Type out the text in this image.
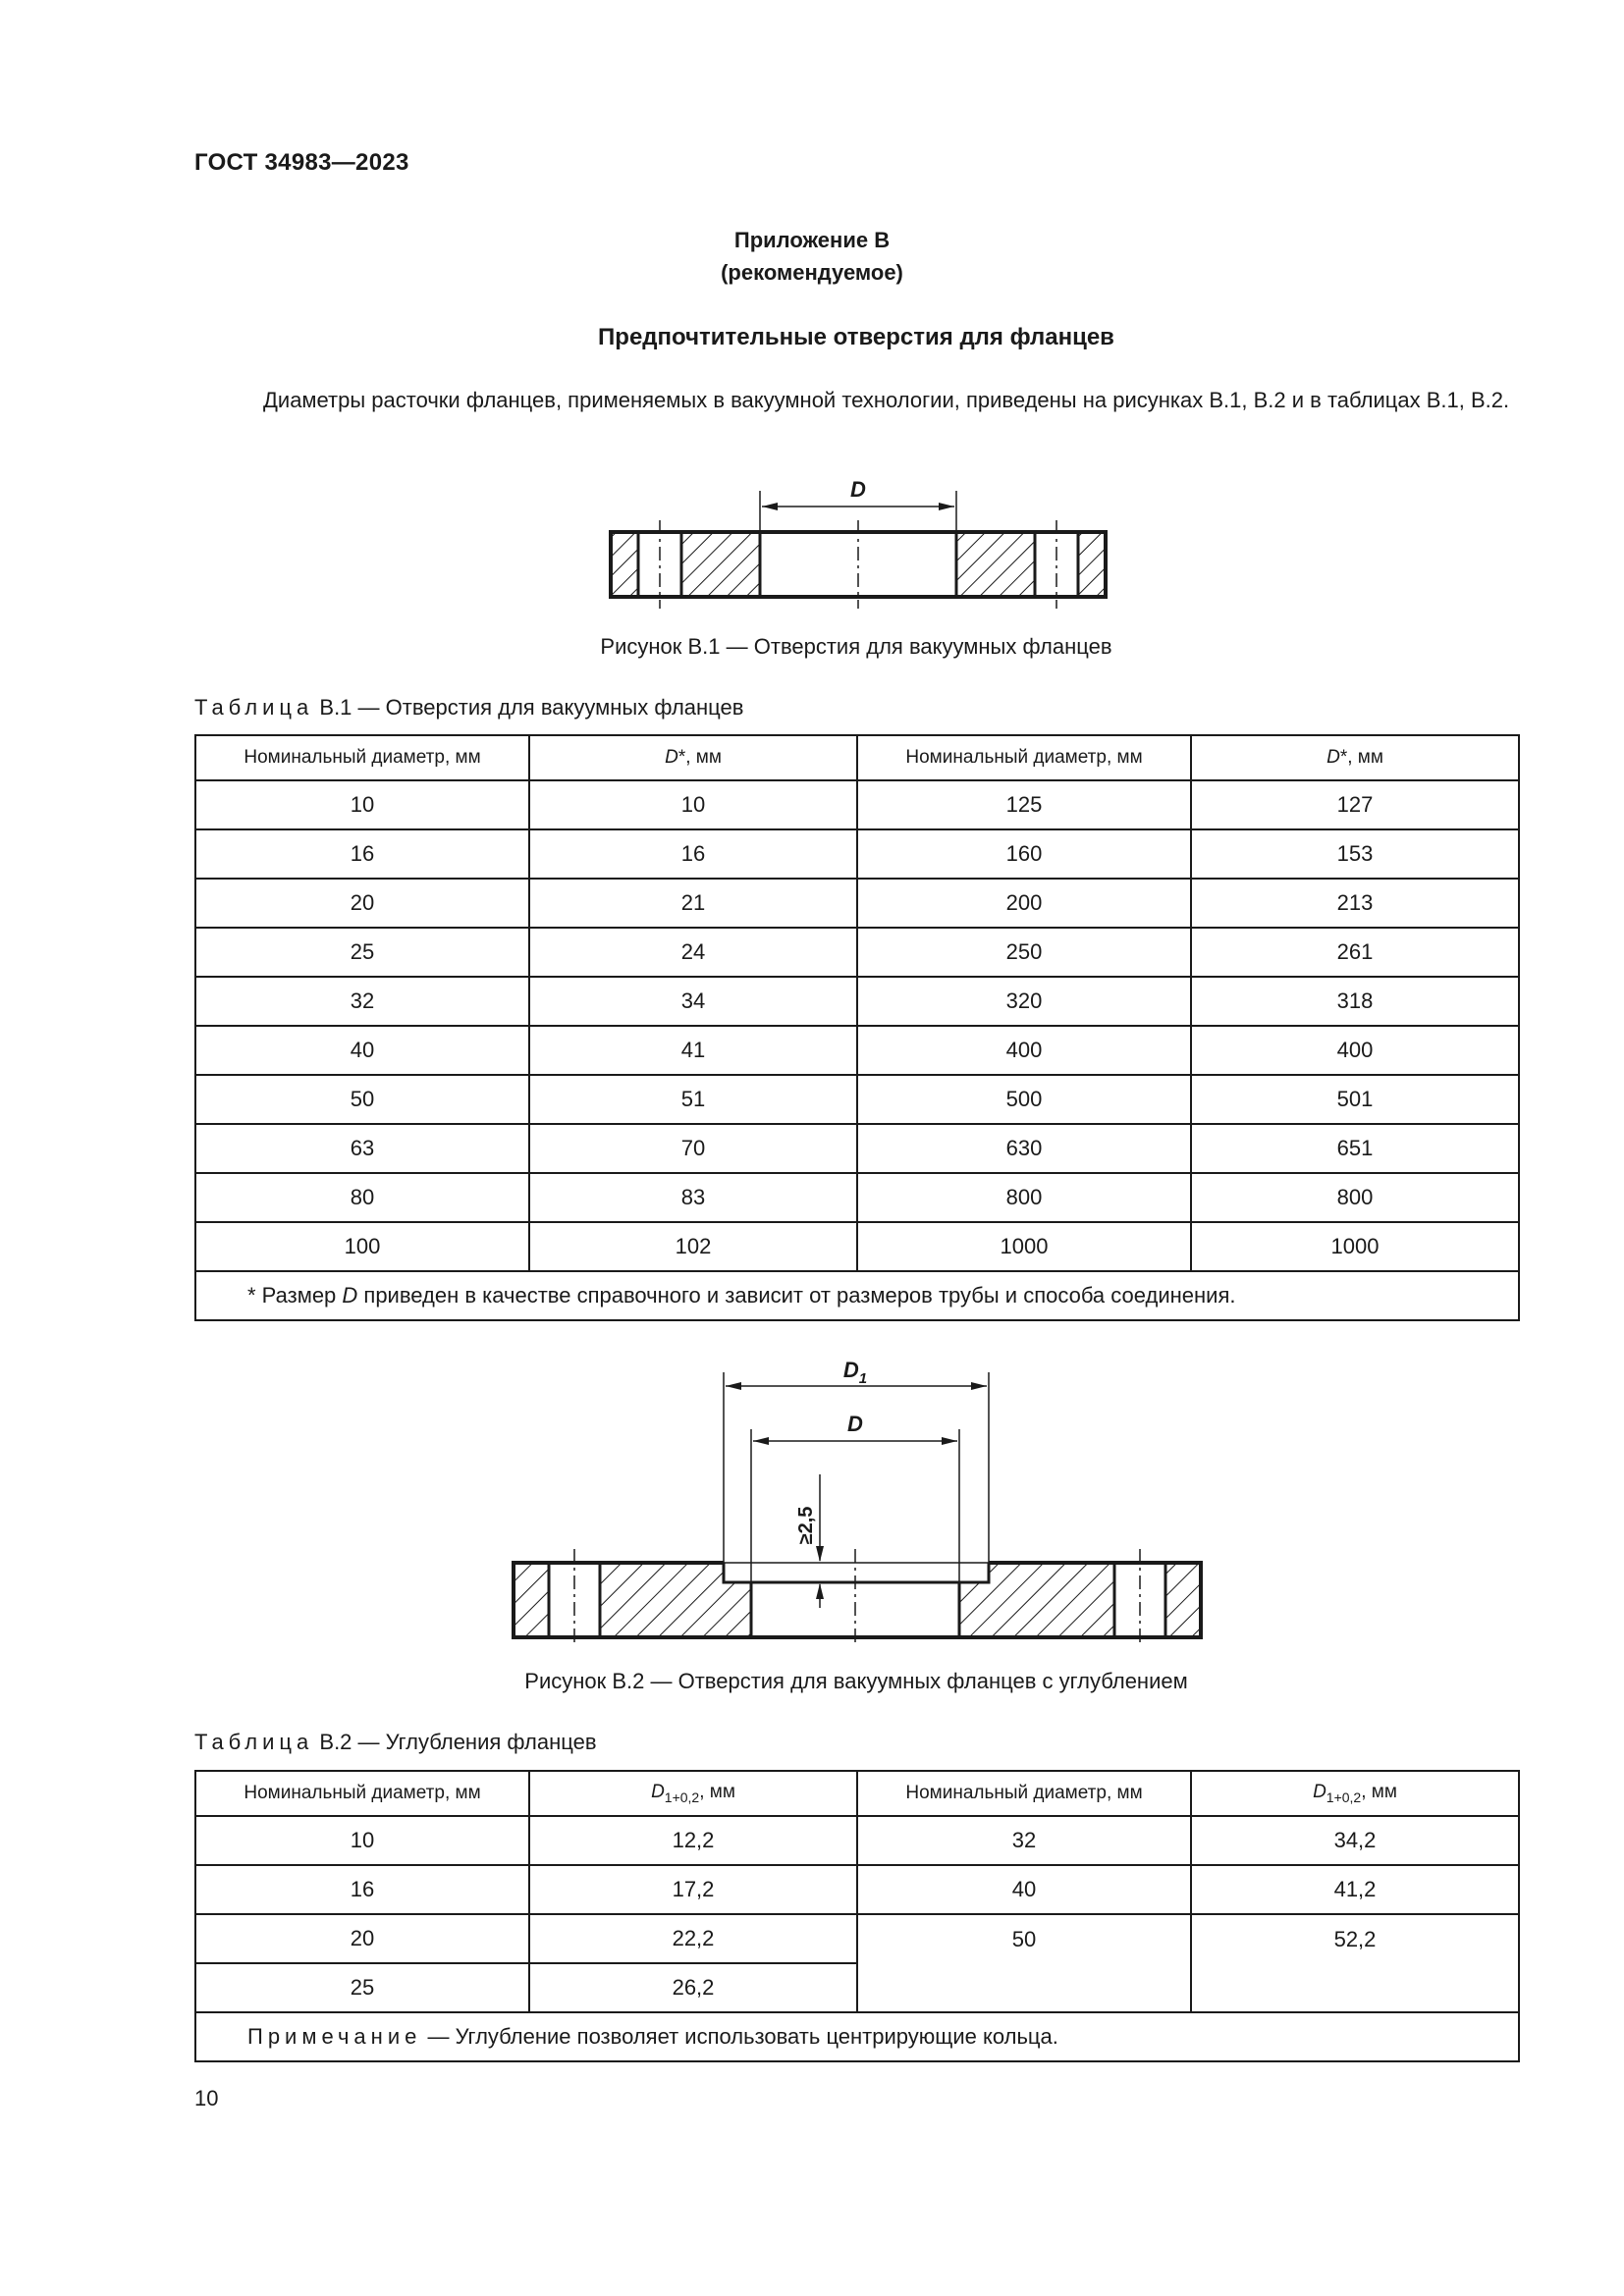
ГОСТ 34983—2023
Приложение В
(рекомендуемое)
Предпочтительные отверстия для фланцев
Диаметры расточки фланцев, применяемых в вакуумной технологии, приведены на рисунках В.1, В.2 и в таблицах В.1, В.2.
D
Рисунок В.1 — Отверстия для вакуумных фланцев
Таблица В.1 — Отверстия для вакуумных фланцев
Номинальный диаметр, мм	D*, мм	Номинальный диаметр, мм	D*, мм
10	10	125	127
16	16	160	153
20	21	200	213
25	24	250	261
32	34	320	318
40	41	400	400
50	51	500	501
63	70	630	651
80	83	800	800
100	102	1000	1000
* Размер D приведен в качестве справочного и зависит от размеров трубы и способа соединения.			
$D_1$
D
≥2,5
Рисунок В.2 — Отверстия для вакуумных фланцев с углублением
Таблица В.2 — Углубления фланцев
Номинальный диаметр, мм	$D_{1+0,2}$, мм	Номинальный диаметр, мм	$D_{1+0,2}$, мм
10	12,2	32	34,2
16	17,2	40	41,2
20	22,2	50	52,2
25	26,2		
Примечание — Углубление позволяет использовать центрирующие кольца.			
10
